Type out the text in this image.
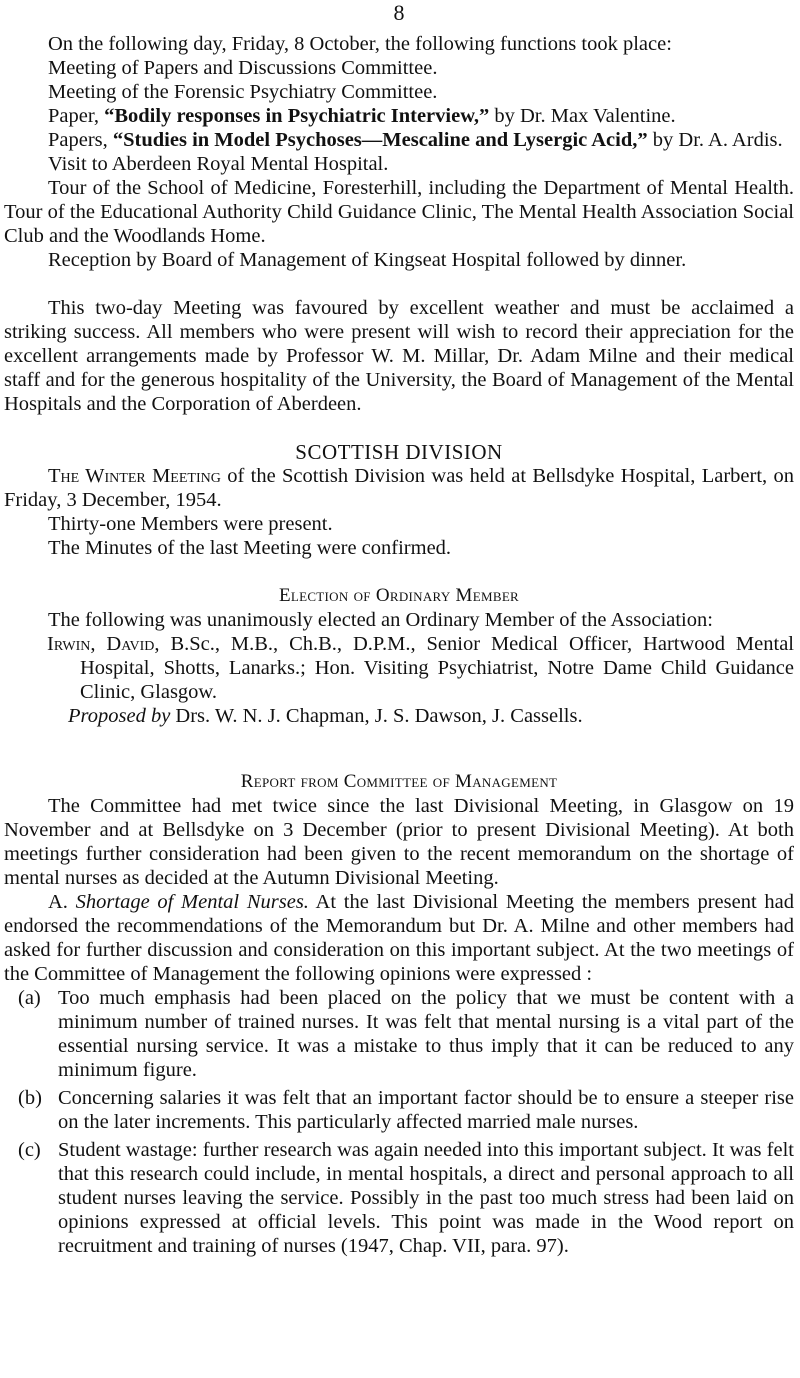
8

On the following day, Friday, 8 October, the following functions took place:

Meeting of Papers and Discussions Committee.

Meeting of the Forensic Psychiatry Committee.

Paper, “Bodily responses in Psychiatric Interview,” by Dr. Max Valentine.

Papers, “Studies in Model Psychoses—Mescaline and Lysergic Acid,” by Dr. A. Ardis.

Visit to Aberdeen Royal Mental Hospital.

Tour of the School of Medicine, Foresterhill, including the Department of Mental Health. Tour of the Educational Authority Child Guidance Clinic, The Mental Health Association Social Club and the Woodlands Home.

Reception by Board of Management of Kingseat Hospital followed by dinner.

This two-day Meeting was favoured by excellent weather and must be acclaimed a striking success. All members who were present will wish to record their appreciation for the excellent arrangements made by Professor W. M. Millar, Dr. Adam Milne and their medical staff and for the generous hospitality of the University, the Board of Management of the Mental Hospitals and the Corporation of Aberdeen.

SCOTTISH DIVISION

The Winter Meeting of the Scottish Division was held at Bellsdyke Hospital, Larbert, on Friday, 3 December, 1954.

Thirty-one Members were present.

The Minutes of the last Meeting were confirmed.

Election of Ordinary Member

The following was unanimously elected an Ordinary Member of the Association:

Irwin, David, B.Sc., M.B., Ch.B., D.P.M., Senior Medical Officer, Hartwood Mental Hospital, Shotts, Lanarks.; Hon. Visiting Psychiatrist, Notre Dame Child Guidance Clinic, Glasgow.

Proposed by Drs. W. N. J. Chapman, J. S. Dawson, J. Cassells.

Report from Committee of Management

The Committee had met twice since the last Divisional Meeting, in Glasgow on 19 November and at Bellsdyke on 3 December (prior to present Divisional Meeting). At both meetings further consideration had been given to the recent memorandum on the shortage of mental nurses as decided at the Autumn Divisional Meeting.

A. Shortage of Mental Nurses. At the last Divisional Meeting the members present had endorsed the recommendations of the Memorandum but Dr. A. Milne and other members had asked for further discussion and consideration on this important subject. At the two meetings of the Committee of Management the following opinions were expressed :

(a) Too much emphasis had been placed on the policy that we must be content with a minimum number of trained nurses. It was felt that mental nursing is a vital part of the essential nursing service. It was a mistake to thus imply that it can be reduced to any minimum figure.
(b) Concerning salaries it was felt that an important factor should be to ensure a steeper rise on the later increments. This particularly affected married male nurses.
(c) Student wastage: further research was again needed into this important subject. It was felt that this research could include, in mental hospitals, a direct and personal approach to all student nurses leaving the service. Possibly in the past too much stress had been laid on opinions expressed at official levels. This point was made in the Wood report on recruitment and training of nurses (1947, Chap. VII, para. 97).
